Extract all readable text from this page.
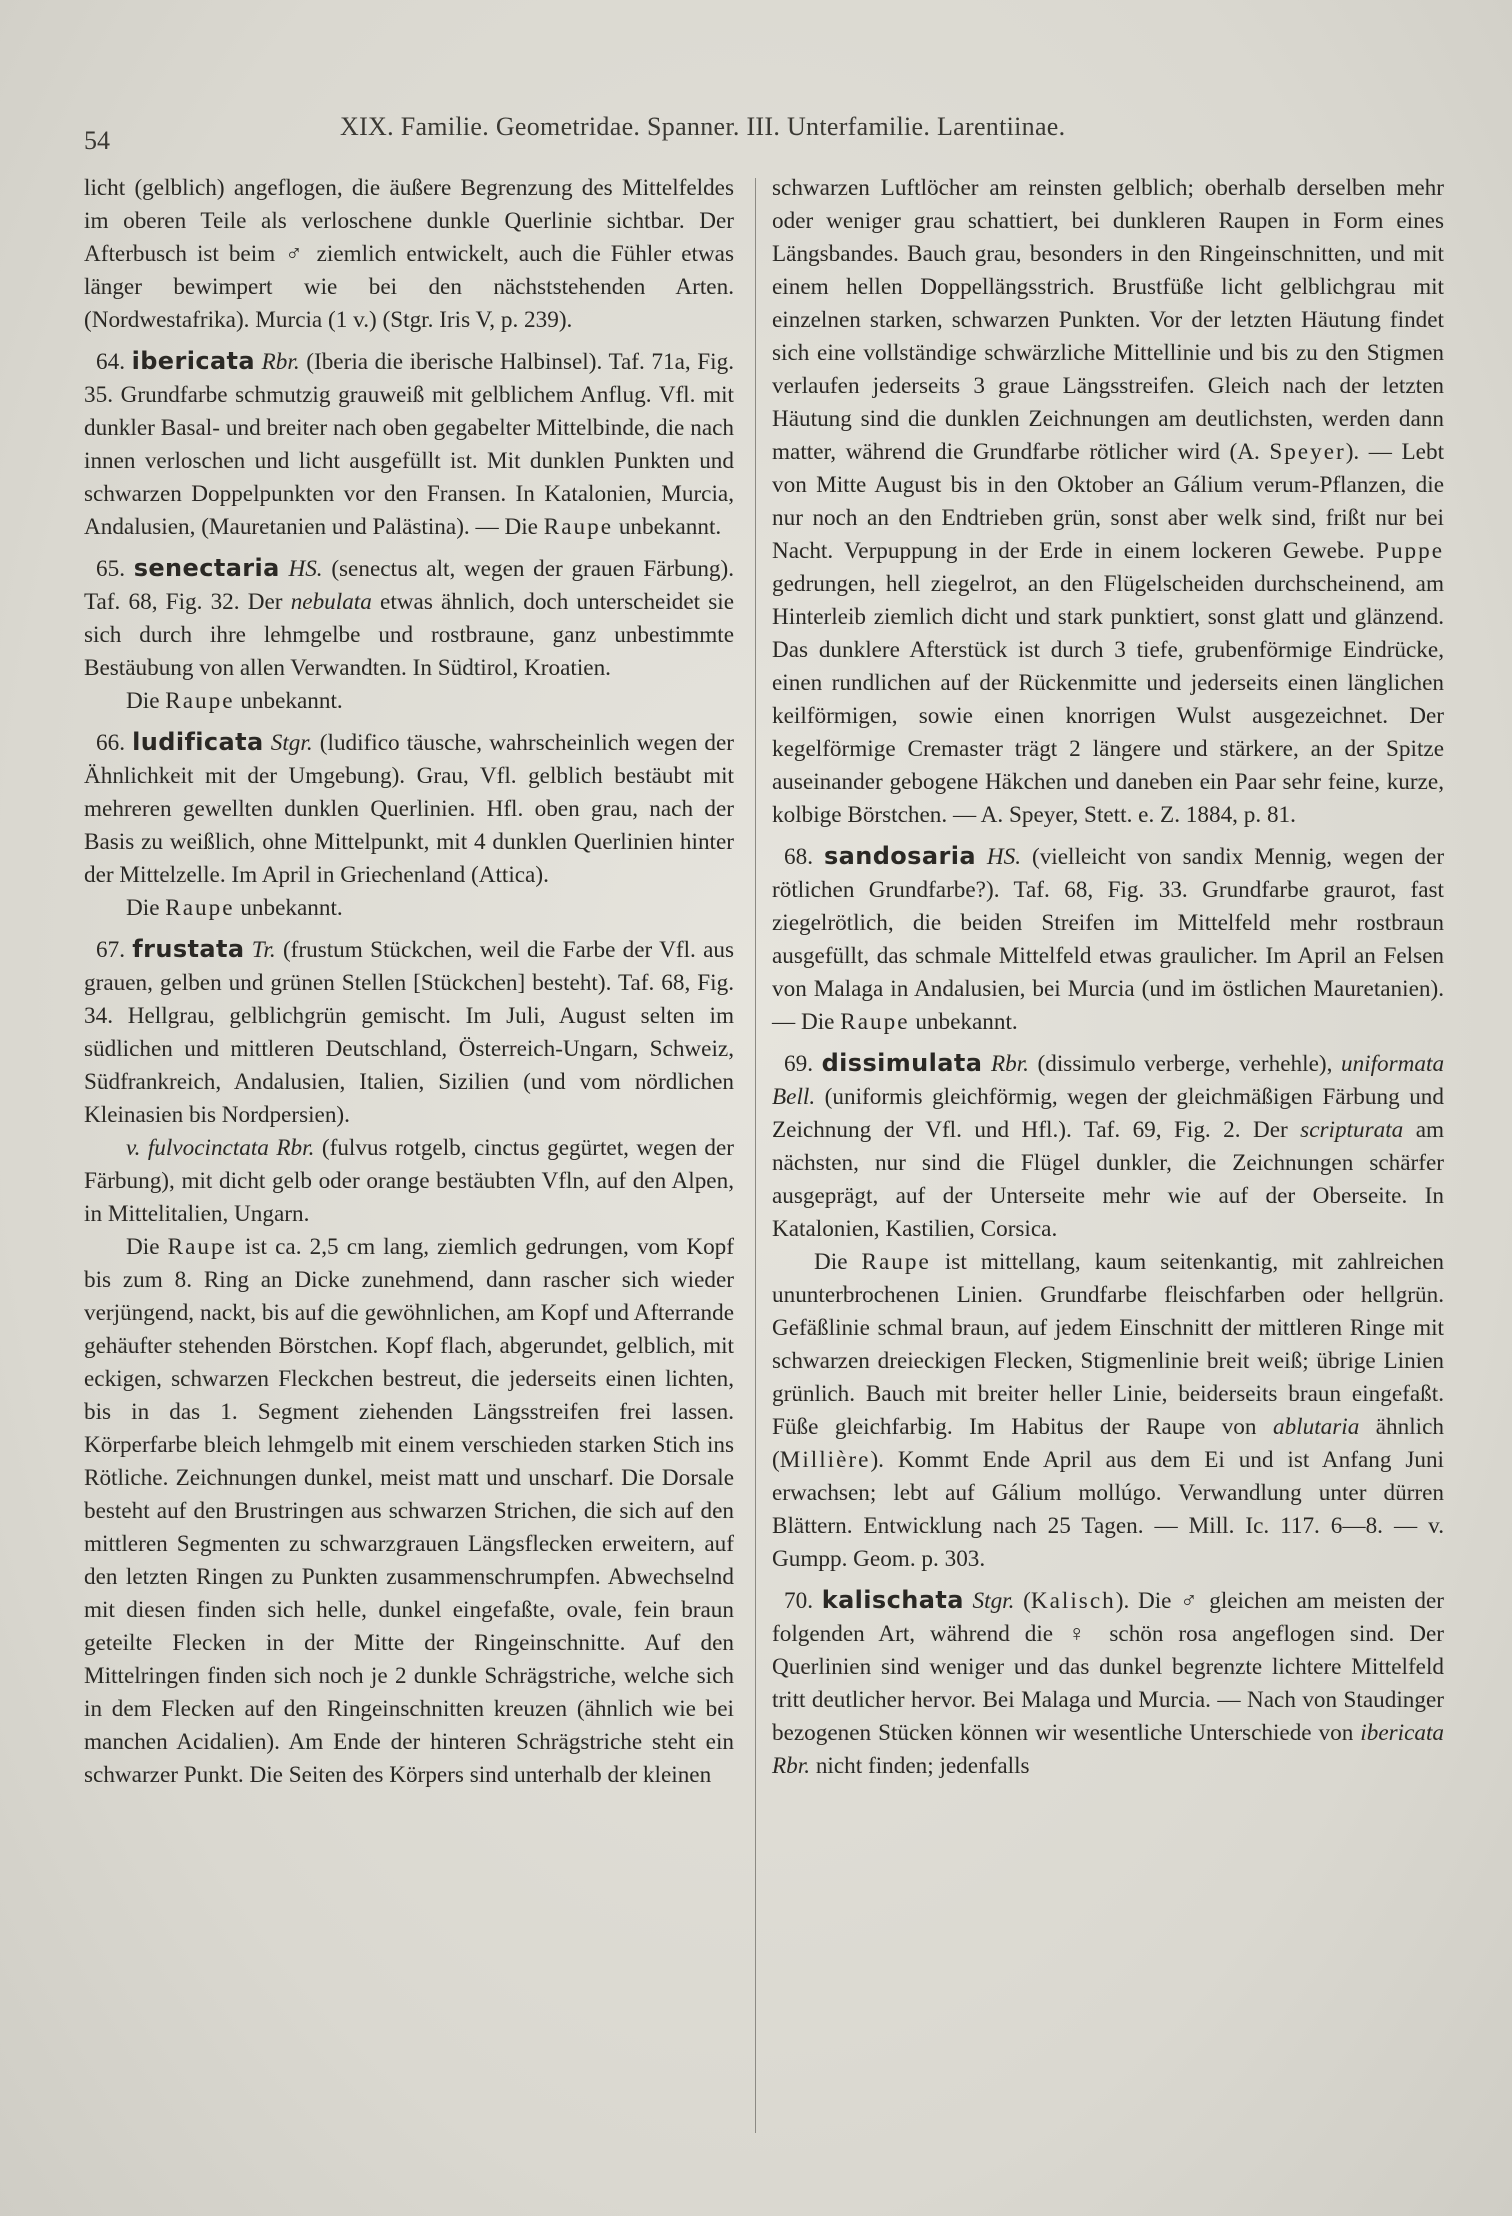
54	XIX. Familie. Geometridae. Spanner. III. Unterfamilie. Larentiinae.

licht (gelblich) angeflogen, die äußere Begrenzung des Mittelfeldes im oberen Teile als verloschene dunkle Querlinie sichtbar. Der Afterbusch ist beim ♂ ziemlich entwickelt, auch die Fühler etwas länger bewimpert wie bei den nächststehenden Arten. (Nordwestafrika). Murcia (1 v.) (Stgr. Iris V, p. 239).

64. ibericata Rbr. (Iberia die iberische Halbinsel). Taf. 71a, Fig. 35. Grundfarbe schmutzig grauweiß mit gelblichem Anflug. Vfl. mit dunkler Basal- und breiter nach oben gegabelter Mittelbinde, die nach innen verloschen und licht ausgefüllt ist. Mit dunklen Punkten und schwarzen Doppelpunkten vor den Fransen. In Katalonien, Murcia, Andalusien, (Mauretanien und Palästina). — Die Raupe unbekannt.

65. senectaria HS. (senectus alt, wegen der grauen Färbung). Taf. 68, Fig. 32. Der nebulata etwas ähnlich, doch unterscheidet sie sich durch ihre lehmgelbe und rostbraune, ganz unbestimmte Bestäubung von allen Verwandten. In Südtirol, Kroatien.

Die Raupe unbekannt.

66. ludificata Stgr. (ludifico täusche, wahrscheinlich wegen der Ähnlichkeit mit der Umgebung). Grau, Vfl. gelblich bestäubt mit mehreren gewellten dunklen Querlinien. Hfl. oben grau, nach der Basis zu weißlich, ohne Mittelpunkt, mit 4 dunklen Querlinien hinter der Mittelzelle. Im April in Griechenland (Attica).

Die Raupe unbekannt.

67. frustata Tr. (frustum Stückchen, weil die Farbe der Vfl. aus grauen, gelben und grünen Stellen [Stückchen] besteht). Taf. 68, Fig. 34. Hellgrau, gelblichgrün gemischt. Im Juli, August selten im südlichen und mittleren Deutschland, Österreich-Ungarn, Schweiz, Südfrankreich, Andalusien, Italien, Sizilien (und vom nördlichen Kleinasien bis Nordpersien).

v. fulvocinctata Rbr. (fulvus rotgelb, cinctus gegürtet, wegen der Färbung), mit dicht gelb oder orange bestäubten Vfln, auf den Alpen, in Mittelitalien, Ungarn.

Die Raupe ist ca. 2,5 cm lang, ziemlich gedrungen, vom Kopf bis zum 8. Ring an Dicke zunehmend, dann rascher sich wieder verjüngend, nackt, bis auf die gewöhnlichen, am Kopf und Afterrande gehäufter stehenden Börstchen. Kopf flach, abgerundet, gelblich, mit eckigen, schwarzen Fleckchen bestreut, die jederseits einen lichten, bis in das 1. Segment ziehenden Längsstreifen frei lassen. Körperfarbe bleich lehmgelb mit einem verschieden starken Stich ins Rötliche. Zeichnungen dunkel, meist matt und unscharf. Die Dorsale besteht auf den Brustringen aus schwarzen Strichen, die sich auf den mittleren Segmenten zu schwarzgrauen Längsflecken erweitern, auf den letzten Ringen zu Punkten zusammenschrumpfen. Abwechselnd mit diesen finden sich helle, dunkel eingefaßte, ovale, fein braun geteilte Flecken in der Mitte der Ringeinschnitte. Auf den Mittelringen finden sich noch je 2 dunkle Schrägstriche, welche sich in dem Flecken auf den Ringeinschnitten kreuzen (ähnlich wie bei manchen Acidalien). Am Ende der hinteren Schrägstriche steht ein schwarzer Punkt. Die Seiten des Körpers sind unterhalb der kleinen

schwarzen Luftlöcher am reinsten gelblich; oberhalb derselben mehr oder weniger grau schattiert, bei dunkleren Raupen in Form eines Längsbandes. Bauch grau, besonders in den Ringeinschnitten, und mit einem hellen Doppellängsstrich. Brustfüße licht gelblichgrau mit einzelnen starken, schwarzen Punkten. Vor der letzten Häutung findet sich eine vollständige schwärzliche Mittellinie und bis zu den Stigmen verlaufen jederseits 3 graue Längsstreifen. Gleich nach der letzten Häutung sind die dunklen Zeichnungen am deutlichsten, werden dann matter, während die Grundfarbe rötlicher wird (A. Speyer). — Lebt von Mitte August bis in den Oktober an Gálium verum-Pflanzen, die nur noch an den Endtrieben grün, sonst aber welk sind, frißt nur bei Nacht. Verpuppung in der Erde in einem lockeren Gewebe. Puppe gedrungen, hell ziegelrot, an den Flügelscheiden durchscheinend, am Hinterleib ziemlich dicht und stark punktiert, sonst glatt und glänzend. Das dunklere Afterstück ist durch 3 tiefe, grubenförmige Eindrücke, einen rundlichen auf der Rückenmitte und jederseits einen länglichen keilförmigen, sowie einen knorrigen Wulst ausgezeichnet. Der kegelförmige Cremaster trägt 2 längere und stärkere, an der Spitze auseinander gebogene Häkchen und daneben ein Paar sehr feine, kurze, kolbige Börstchen. — A. Speyer, Stett. e. Z. 1884, p. 81.

68. sandosaria HS. (vielleicht von sandix Mennig, wegen der rötlichen Grundfarbe?). Taf. 68, Fig. 33. Grundfarbe graurot, fast ziegelrötlich, die beiden Streifen im Mittelfeld mehr rostbraun ausgefüllt, das schmale Mittelfeld etwas graulicher. Im April an Felsen von Malaga in Andalusien, bei Murcia (und im östlichen Mauretanien). — Die Raupe unbekannt.

69. dissimulata Rbr. (dissimulo verberge, verhehle), uniformata Bell. (uniformis gleichförmig, wegen der gleichmäßigen Färbung und Zeichnung der Vfl. und Hfl.). Taf. 69, Fig. 2. Der scripturata am nächsten, nur sind die Flügel dunkler, die Zeichnungen schärfer ausgeprägt, auf der Unterseite mehr wie auf der Oberseite. In Katalonien, Kastilien, Corsica.

Die Raupe ist mittellang, kaum seitenkantig, mit zahlreichen ununterbrochenen Linien. Grundfarbe fleischfarben oder hellgrün. Gefäßlinie schmal braun, auf jedem Einschnitt der mittleren Ringe mit schwarzen dreieckigen Flecken, Stigmenlinie breit weiß; übrige Linien grünlich. Bauch mit breiter heller Linie, beiderseits braun eingefaßt. Füße gleichfarbig. Im Habitus der Raupe von ablutaria ähnlich (Millière). Kommt Ende April aus dem Ei und ist Anfang Juni erwachsen; lebt auf Gálium mollúgo. Verwandlung unter dürren Blättern. Entwicklung nach 25 Tagen. — Mill. Ic. 117. 6—8. — v. Gumpp. Geom. p. 303.

70. kalischata Stgr. (Kalisch). Die ♂ gleichen am meisten der folgenden Art, während die ♀ schön rosa angeflogen sind. Der Querlinien sind weniger und das dunkel begrenzte lichtere Mittelfeld tritt deutlicher hervor. Bei Malaga und Murcia. — Nach von Staudinger bezogenen Stücken können wir wesentliche Unterschiede von ibericata Rbr. nicht finden; jedenfalls
